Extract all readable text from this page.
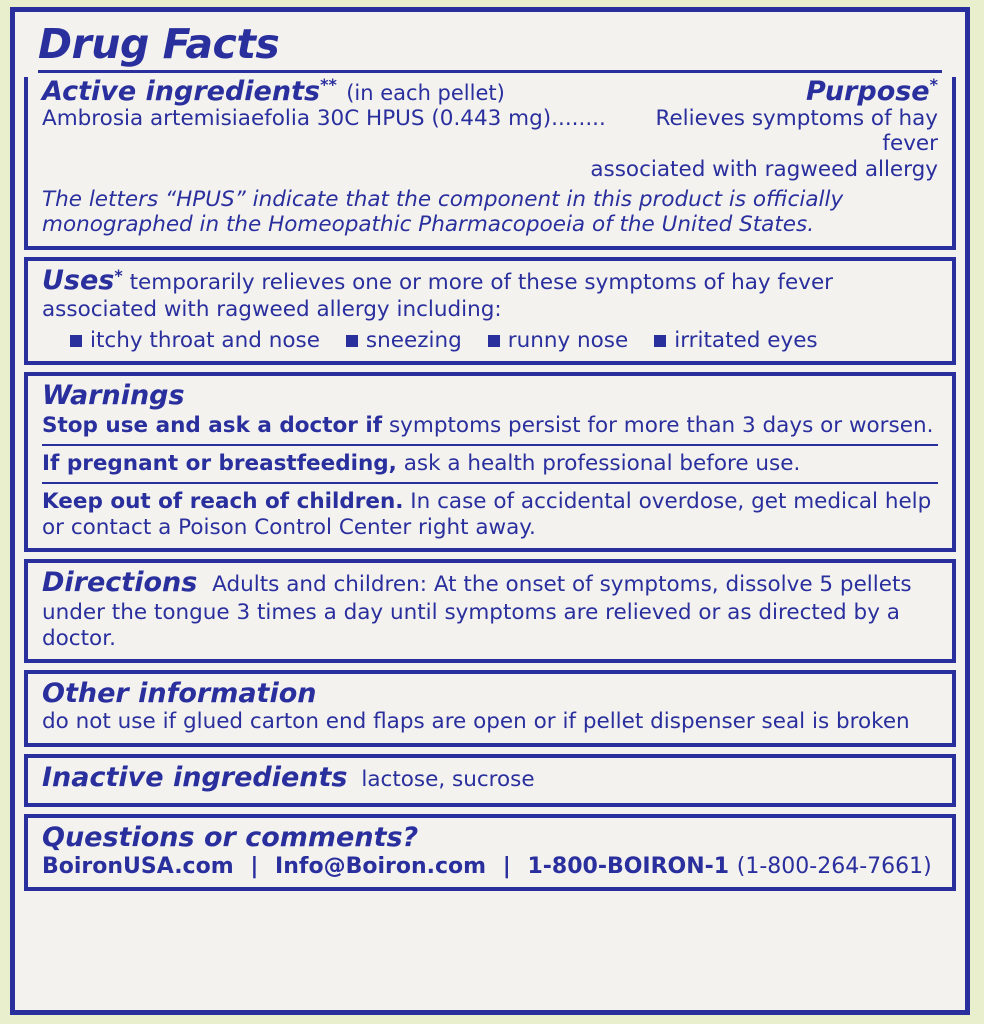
Drug Facts
Active ingredients** (in each pellet)	Purpose*
Ambrosia artemisiaefolia 30C HPUS (0.443 mg)........ Relieves symptoms of hay fever
associated with ragweed allergy
The letters “HPUS” indicate that the component in this product is officially monographed in the Homeopathic Pharmacopoeia of the United States.
Uses* temporarily relieves one or more of these symptoms of hay fever associated with ragweed allergy including:
itchy throat and nose sneezing runny nose irritated eyes
Warnings
Stop use and ask a doctor if symptoms persist for more than 3 days or worsen.
If pregnant or breastfeeding, ask a health professional before use.
Keep out of reach of children. In case of accidental overdose, get medical help or contact a Poison Control Center right away.
Directions Adults and children: At the onset of symptoms, dissolve 5 pellets under the tongue 3 times a day until symptoms are relieved or as directed by a doctor.
Other information
do not use if glued carton end flaps are open or if pellet dispenser seal is broken
Inactive ingredients lactose, sucrose
Questions or comments?
BoironUSA.com | Info@Boiron.com | 1-800-BOIRON-1 (1-800-264-7661)
